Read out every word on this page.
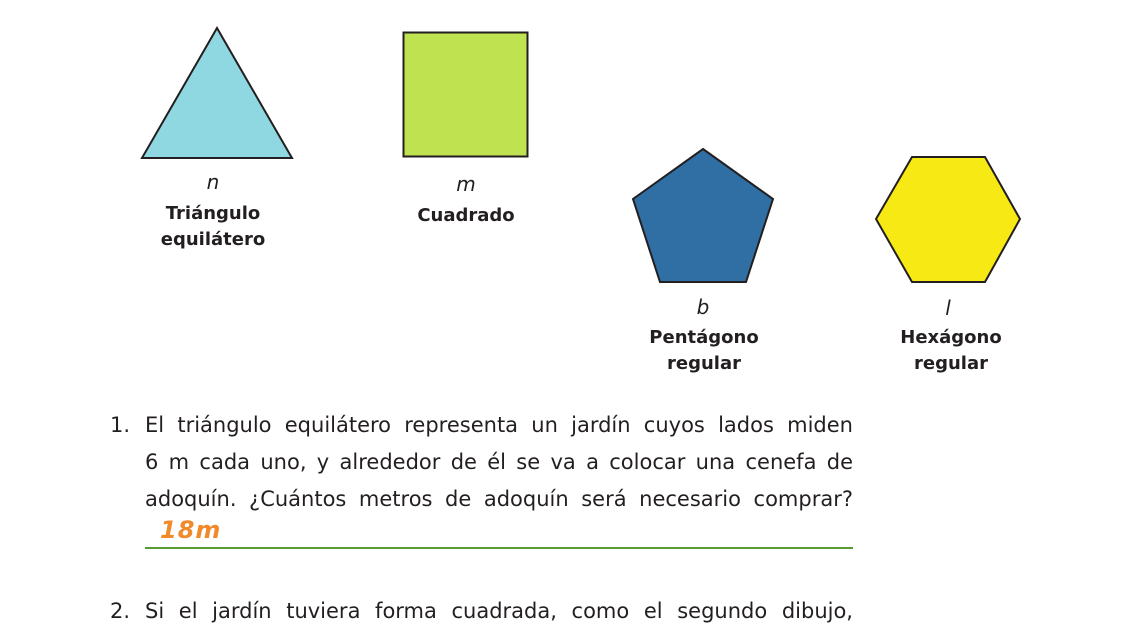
n
Triángulo
equilátero
m
Cuadrado
b
Pentágono
regular
l
Hexágono
regular
1. El triángulo equilátero representa un jardín cuyos lados miden
6 m cada uno, y alrededor de él se va a colocar una cenefa de
adoquín. ¿Cuántos metros de adoquín será necesario comprar?
18m
2. Si el jardín tuviera forma cuadrada, como el segundo dibujo,
